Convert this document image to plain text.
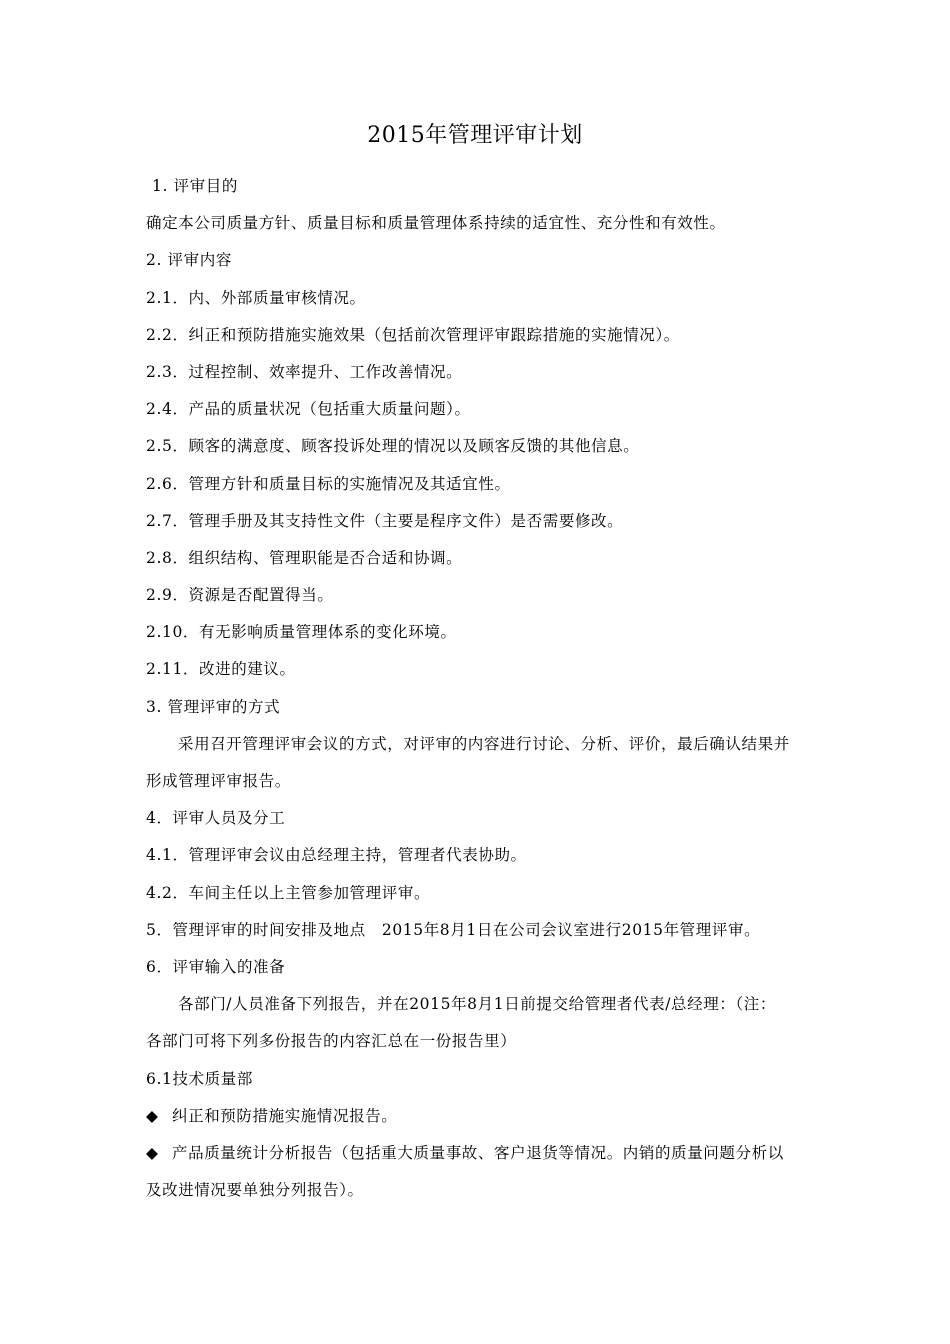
2015年管理评审计划
1. 评审目的
确定本公司质量方针、质量目标和质量管理体系持续的适宜性、充分性和有效性。
2. 评审内容
2.1．内、外部质量审核情况。
2.2．纠正和预防措施实施效果（包括前次管理评审跟踪措施的实施情况）。
2.3．过程控制、效率提升、工作改善情况。
2.4．产品的质量状况（包括重大质量问题）。
2.5．顾客的满意度、顾客投诉处理的情况以及顾客反馈的其他信息。
2.6．管理方针和质量目标的实施情况及其适宜性。
2.7．管理手册及其支持性文件（主要是程序文件）是否需要修改。
2.8．组织结构、管理职能是否合适和协调。
2.9．资源是否配置得当。
2.10．有无影响质量管理体系的变化环境。
2.11．改进的建议。
3. 管理评审的方式
采用召开管理评审会议的方式，对评审的内容进行讨论、分析、评价，最后确认结果并
形成管理评审报告。
4．评审人员及分工
4.1．管理评审会议由总经理主持，管理者代表协助。
4.2．车间主任以上主管参加管理评审。
5．管理评审的时间安排及地点　2015年8月1日在公司会议室进行2015年管理评审。
6．评审输入的准备
各部门/人员准备下列报告，并在2015年8月1日前提交给管理者代表/总经理：（注：
各部门可将下列多份报告的内容汇总在一份报告里）
6.1技术质量部
◆ 纠正和预防措施实施情况报告。
◆ 产品质量统计分析报告（包括重大质量事故、客户退货等情况。内销的质量问题分析以
及改进情况要单独分列报告）。
